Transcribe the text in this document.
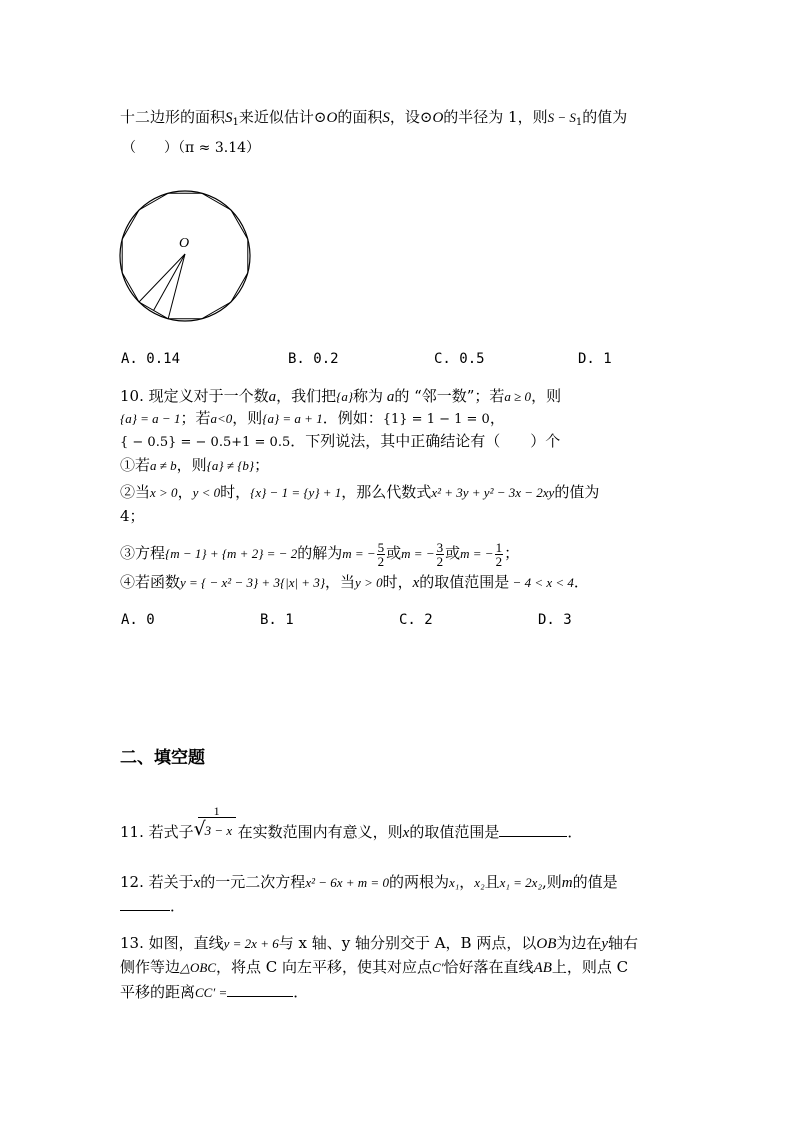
十二边形的面积$S_1$来近似估计⊙O的面积S，设⊙O的半径为 1，则$S - S_1$的值为
（　　）（π ≈ 3.14）
O
A. 0.14	B. 0.2	C. 0.5	D. 1
10. 现定义对于一个数a，我们把{a}称为 a的 “邻一数”；若a ≥ 0，则
{a} = a − 1；若a<0，则{a} = a + 1．例如：{1} = 1 − 1 = 0，
{ − 0.5} = − 0.5+1 = 0.5．下列说法，其中正确结论有（　　）个
①若a ≠ b，则{a} ≠ {b}；
②当x > 0，y < 0时，{x} − 1 = {y} + 1，那么代数式x² + 3y + y² − 3x − 2xy的值为
4；
③方程{m − 1} + {m + 2} = − 2的解为m = − $\frac{5}{2}$ 或m = − $\frac{3}{2}$ 或m = − $\frac{1}{2}$ ；
④若函数y = { − x² − 3} + 3{|x| + 3}，当y > 0时，x的取值范围是 − 4 < x < 4．
A. 0	B. 1	C. 2	D. 3
二、填空题
11. 若式子
1
√
3 − x 在实数范围内有意义，则x的取值范围是	．
12. 若关于x的一元二次方程x² − 6x + m = 0的两根为x₁，x₂且x₁ = 2x₂,则m的值是
．
13. 如图，直线y = 2x + 6与 x 轴、y 轴分别交于 A，B 两点，以OB为边在y轴右
侧作等边△OBC，将点 C 向左平移，使其对应点C′恰好落在直线AB上，则点 C
平移的距离CC′ =	．
